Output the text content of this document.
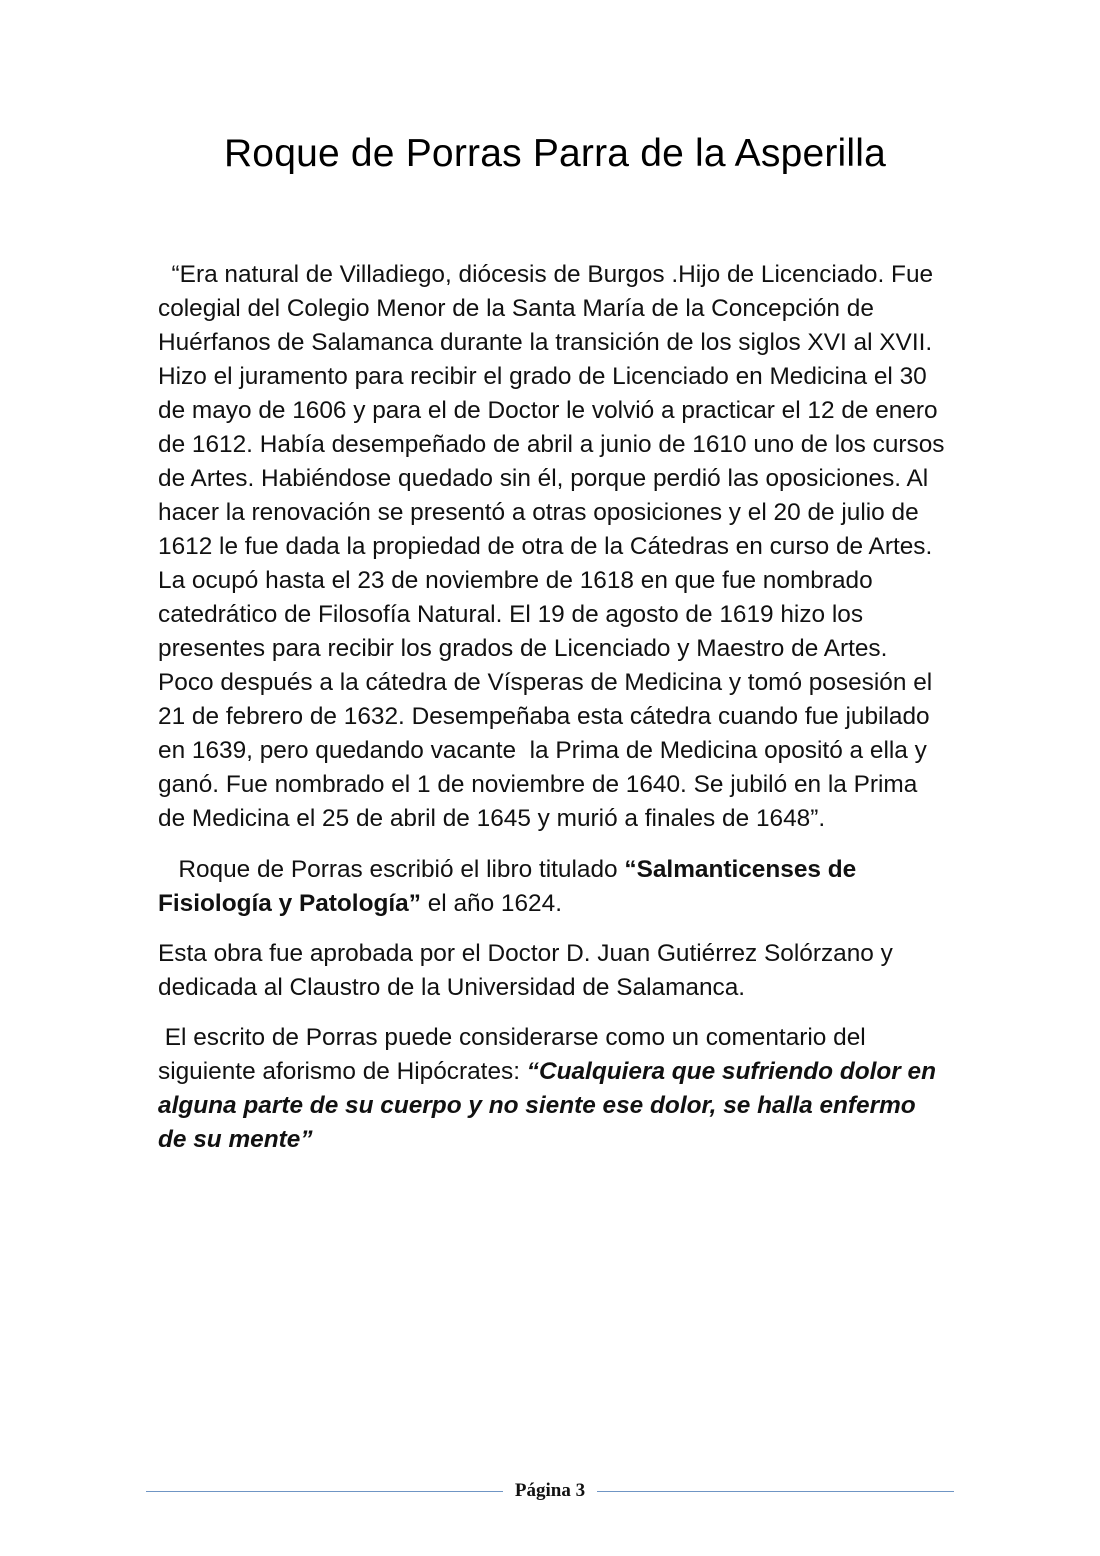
Roque de Porras Parra de la Asperilla

“Era natural de Villadiego, diócesis de Burgos .Hijo de Licenciado. Fue colegial del Colegio Menor de la Santa María de la Concepción de Huérfanos de Salamanca durante la transición de los siglos XVI al XVII. Hizo el juramento para recibir el grado de Licenciado en Medicina el 30 de mayo de 1606 y para el de Doctor le volvió a practicar el 12 de enero de 1612. Había desempeñado de abril a junio de 1610 uno de los cursos de Artes. Habiéndose quedado sin él, porque perdió las oposiciones. Al hacer la renovación se presentó a otras oposiciones y el 20 de julio de 1612 le fue dada la propiedad de otra de la Cátedras en curso de Artes. La ocupó hasta el 23 de noviembre de 1618 en que fue nombrado catedrático de Filosofía Natural. El 19 de agosto de 1619 hizo los presentes para recibir los grados de Licenciado y Maestro de Artes. Poco después a la cátedra de Vísperas de Medicina y tomó posesión el 21 de febrero de 1632. Desempeñaba esta cátedra cuando fue jubilado en 1639, pero quedando vacante  la Prima de Medicina opositó a ella y ganó. Fue nombrado el 1 de noviembre de 1640. Se jubiló en la Prima de Medicina el 25 de abril de 1645 y murió a finales de 1648”.

Roque de Porras escribió el libro titulado “Salmanticenses de Fisiología y Patología” el año 1624.

Esta obra fue aprobada por el Doctor D. Juan Gutiérrez Solórzano y dedicada al Claustro de la Universidad de Salamanca.

El escrito de Porras puede considerarse como un comentario del siguiente aforismo de Hipócrates: “Cualquiera que sufriendo dolor en alguna parte de su cuerpo y no siente ese dolor, se halla enfermo de su mente”

Página 3
